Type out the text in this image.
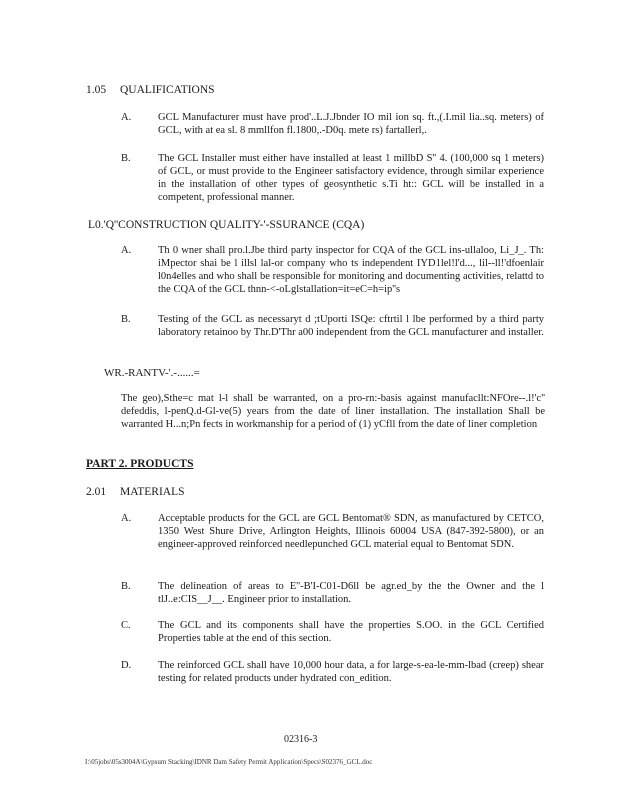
1.05 QUALIFICATIONS
A.	GCL Manufacturer must have prod'..L.J.Jbnder IO mil ion sq. ft.,(.I.mil lia..sq. meters) of GCL, with at ea sl. 8 mmllfon fl.1800,.-D0q. mete rs) fartallerl,.
B.	The GCL Installer must either have installed at least 1 millbD S'' 4. (100,000 sq 1 meters) of GCL, or must provide to the Engineer satisfactory evidence, through similar experience in the installation of other types of geosynthetic s.Ti ht:: GCL will be installed in a competent, professional manner.
L0.'Q''CONSTRUCTION QUALITY-'-SSURANCE (CQA)
A.	Th 0 wner shall pro.l.Jbe third party inspector for CQA of the GCL ins-ullaloo, Li_J_. Th: iMpector shai be l illsl lal-or company who ts independent IYD1lel!l'd..., lil--ll!'dfoenlair l0n4elles and who shall be responsible for monitoring and documenting activities, relattd to the CQA of the GCL thnn-<-oLglstallation=it=eC=h=ip''s
B.	Testing of the GCL as necessaryt d ;tUporti ISQe: cftrtil l lbe performed by a third party laboratory retainoo by Thr.D'Thr a00 independent from the GCL manufacturer and installer.
WR.-RANTV-'.-......=
The geo),Sthe=c mat l-l shall be warranted, on a pro-rn:-basis against manufacllt:NFOre--.l!'c'' defeddis, l-penQ.d-Gl-ve(5) years from the date of liner installation. The installation Shall be warranted H...n;Pn fects in workmanship for a period of (1) yCfll from the date of liner completion
PART 2. PRODUCTS
2.01 MATERIALS
A.	Acceptable products for the GCL are GCL Bentomat® SDN, as manufactured by CETCO, 1350 West Shure Drive, Arlington Heights, Illinois 60004 USA (847-392-5800), or an engineer-approved reinforced needlepunched GCL material equal to Bentomat SDN.
B.	The delineation of areas to E''-B'I-C01-D6ll be agr.ed_by the the Owner and the l tlJ..e:CIS__J__. Engineer prior to installation.
C.	The GCL and its components shall have the properties S.OO. in the GCL Certified Properties table at the end of this section.
D.	The reinforced GCL shall have 10,000 hour data, a for large-s-ea-le-mm-lbad (creep) shear testing for related products under hydrated con_edition.
02316-3
I:\05jobs\05s3004A\Gypsum Stacking\IDNR Dam Safety Permit Application\Specs\S02376_GCL.doc
